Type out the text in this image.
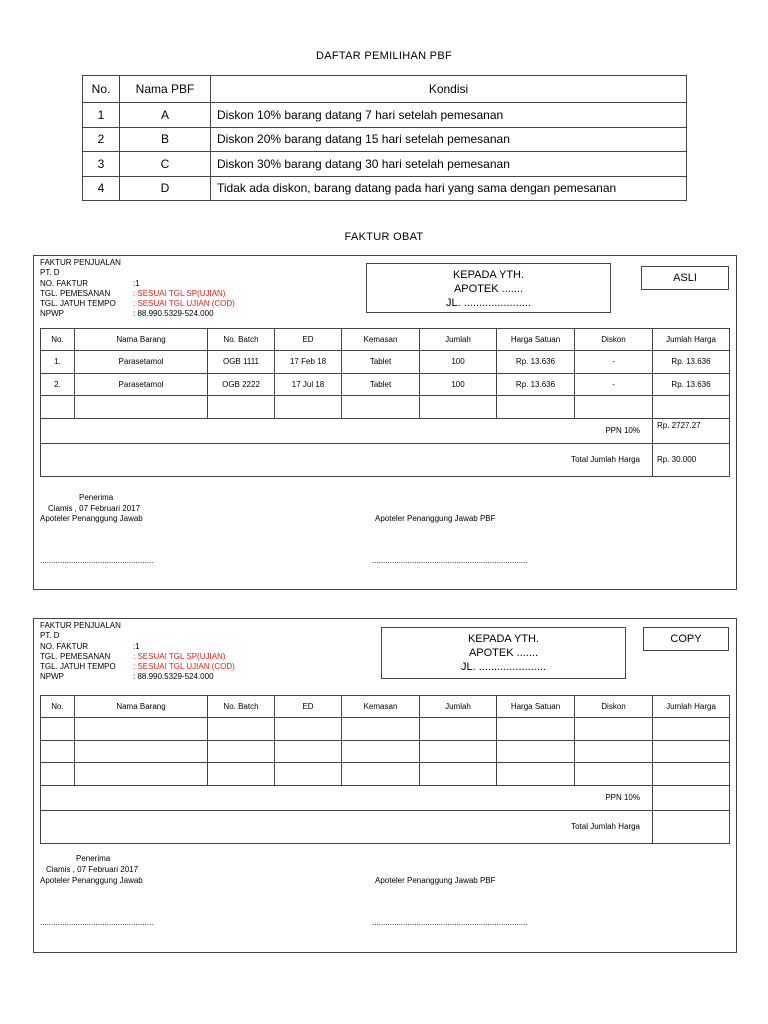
DAFTAR PEMILIHAN PBF
No.	Nama PBF	Kondisi
1	A	Diskon 10% barang datang 7 hari setelah pemesanan
2	B	Diskon 20% barang datang 15 hari setelah pemesanan
3	C	Diskon 30% barang datang 30 hari setelah pemesanan
4	D	Tidak ada diskon, barang datang pada hari yang sama dengan pemesanan
FAKTUR OBAT
FAKTUR PENJUALAN
PT. D
NO. FAKTUR	:1
TGL. PEMESANAN	: SESUAI TGL SP(UJIAN)
TGL. JATUH TEMPO	: SESUAI TGL UJIAN (COD)
NPWP	: 88.990.5329-524.000
KEPADA YTH.
APOTEK .......
JL. ......................
ASLI
No.	Nama Barang	No. Batch	ED	Kemasan	Jumlah	Harga Satuan	Diskon	Jumlah Harga
1.	Parasetamol	OGB 1111	17 Feb 18	Tablet	100	Rp. 13.636	-	Rp. 13.636
2.	Parasetamol	OGB 2222	17 Jul 18	Tablet	100	Rp. 13.636	-	Rp. 13.636

PPN 10%								Rp. 2727.27
Total Jumlah Harga								Rp. 30.000
Penerima
Ciamis , 07 Februari 2017
Apoteler Penanggung Jawab	Apoteler Penanggung Jawab PBF
...................................................	......................................................................
FAKTUR PENJUALAN
PT. D
NO. FAKTUR	:1
TGL. PEMESANAN	: SESUAI TGL SP(UJIAN)
TGL. JATUH TEMPO	: SESUAI TGL UJIAN (COD)
NPWP	: 88.990.5329-524.000
KEPADA YTH.
APOTEK .......
JL. ......................
COPY
No.	Nama Barang	No. Batch	ED	Kemasan	Jumlah	Harga Satuan	Diskon	Jumlah Harga

PPN 10%								
Total Jumlah Harga								
Penerima
Ciamis , 07 Februari 2017
Apoteler Penanggung Jawab	Apoteler Penanggung Jawab PBF
...................................................	......................................................................
